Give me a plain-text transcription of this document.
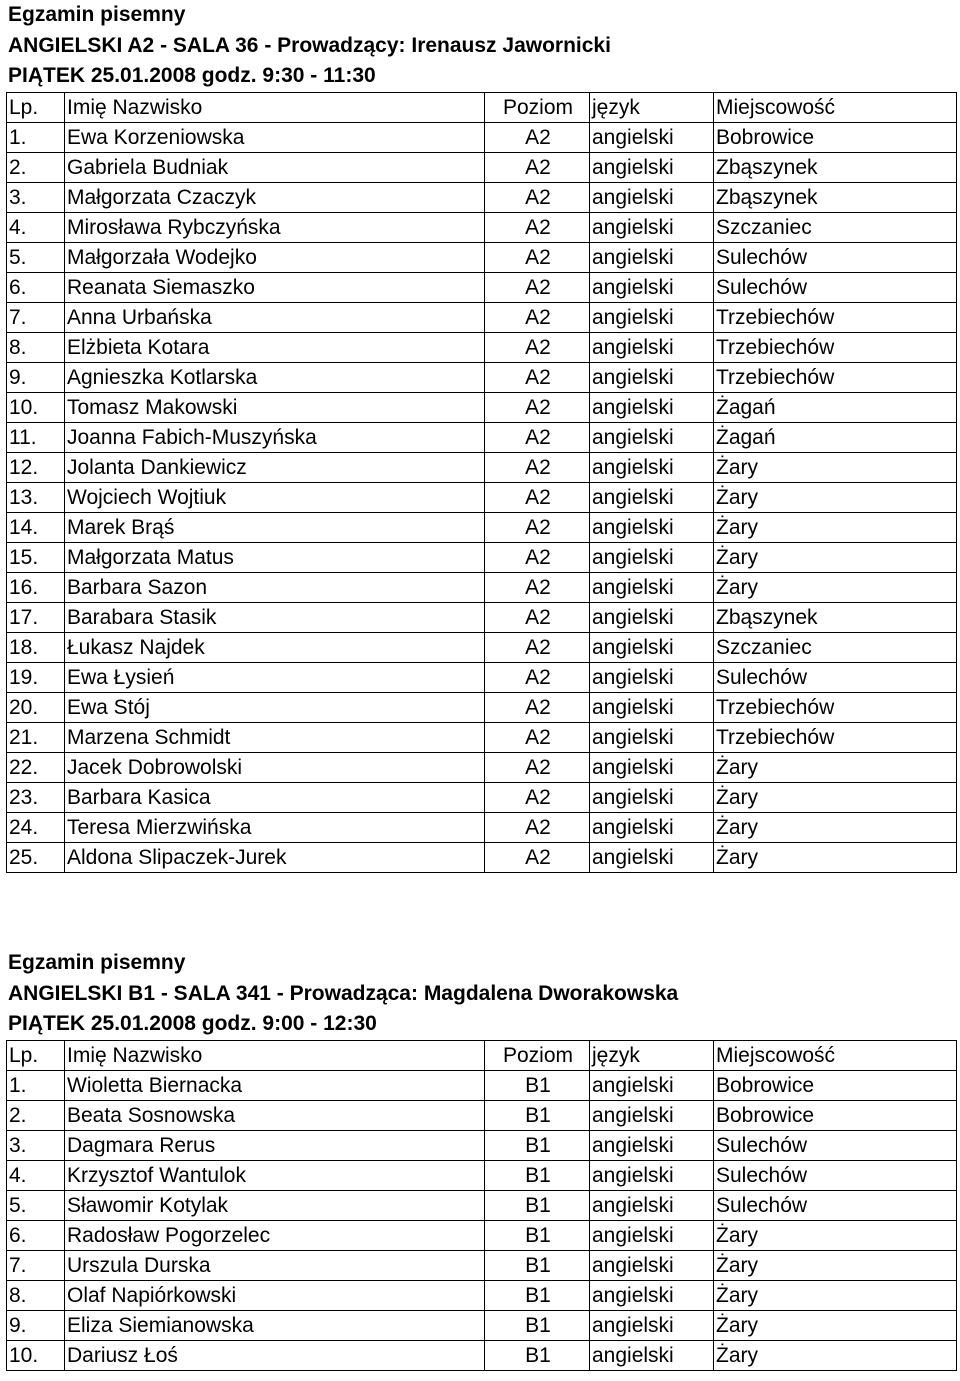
Egzamin pisemny
ANGIELSKI A2 - SALA 36 - Prowadzący: Irenausz Jawornicki
PIĄTEK 25.01.2008 godz. 9:30 - 11:30
Lp.	Imię Nazwisko	Poziom	język	Miejscowość
1.	Ewa Korzeniowska	A2	angielski	Bobrowice
2.	Gabriela Budniak	A2	angielski	Zbąszynek
3.	Małgorzata Czaczyk	A2	angielski	Zbąszynek
4.	Mirosława Rybczyńska	A2	angielski	Szczaniec
5.	Małgorzała Wodejko	A2	angielski	Sulechów
6.	Reanata Siemaszko	A2	angielski	Sulechów
7.	Anna Urbańska	A2	angielski	Trzebiechów
8.	Elżbieta Kotara	A2	angielski	Trzebiechów
9.	Agnieszka Kotlarska	A2	angielski	Trzebiechów
10.	Tomasz Makowski	A2	angielski	Żagań
11.	Joanna Fabich-Muszyńska	A2	angielski	Żagań
12.	Jolanta Dankiewicz	A2	angielski	Żary
13.	Wojciech Wojtiuk	A2	angielski	Żary
14.	Marek Brąś	A2	angielski	Żary
15.	Małgorzata Matus	A2	angielski	Żary
16.	Barbara Sazon	A2	angielski	Żary
17.	Barabara Stasik	A2	angielski	Zbąszynek
18.	Łukasz Najdek	A2	angielski	Szczaniec
19.	Ewa Łysień	A2	angielski	Sulechów
20.	Ewa Stój	A2	angielski	Trzebiechów
21.	Marzena Schmidt	A2	angielski	Trzebiechów
22.	Jacek Dobrowolski	A2	angielski	Żary
23.	Barbara Kasica	A2	angielski	Żary
24.	Teresa Mierzwińska	A2	angielski	Żary
25.	Aldona Slipaczek-Jurek	A2	angielski	Żary
Egzamin pisemny
ANGIELSKI B1 - SALA 341 - Prowadząca: Magdalena Dworakowska
PIĄTEK 25.01.2008 godz. 9:00 - 12:30
Lp.	Imię Nazwisko	Poziom	język	Miejscowość
1.	Wioletta Biernacka	B1	angielski	Bobrowice
2.	Beata Sosnowska	B1	angielski	Bobrowice
3.	Dagmara Rerus	B1	angielski	Sulechów
4.	Krzysztof Wantulok	B1	angielski	Sulechów
5.	Sławomir Kotylak	B1	angielski	Sulechów
6.	Radosław Pogorzelec	B1	angielski	Żary
7.	Urszula Durska	B1	angielski	Żary
8.	Olaf Napiórkowski	B1	angielski	Żary
9.	Eliza Siemianowska	B1	angielski	Żary
10.	Dariusz Łoś	B1	angielski	Żary
